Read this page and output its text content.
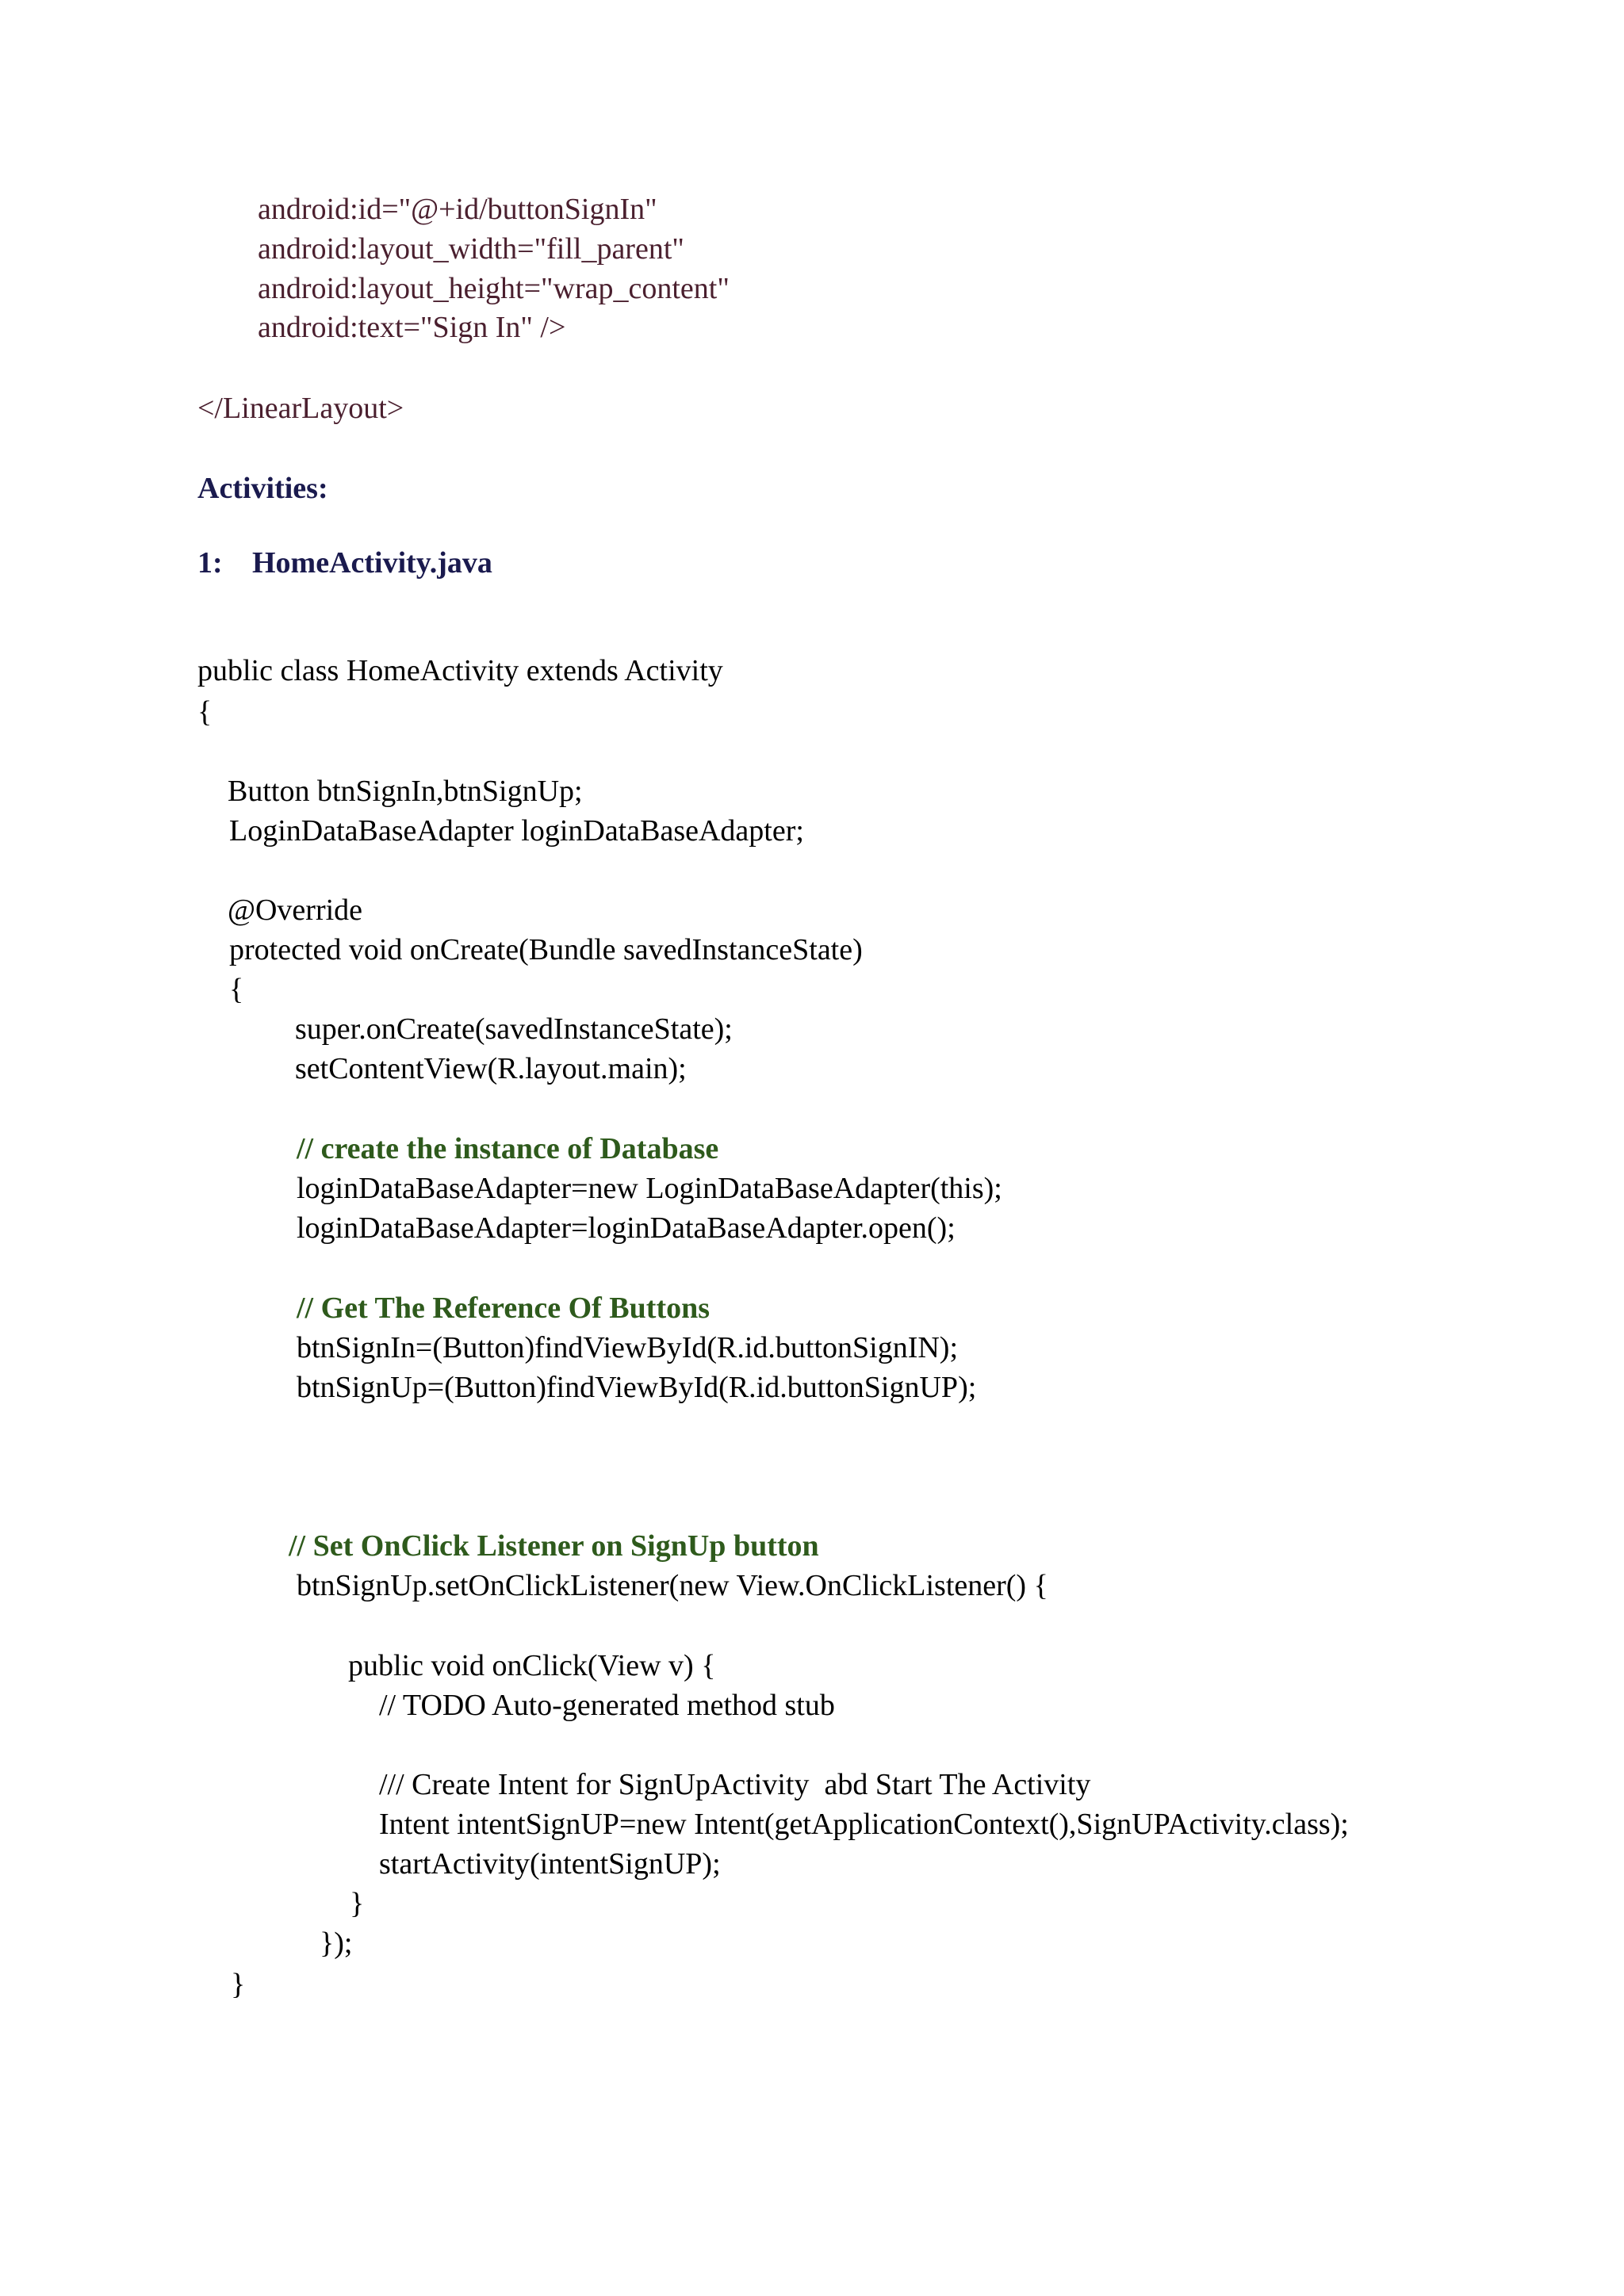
android:id="@+id/buttonSignIn"
android:layout_width="fill_parent"
android:layout_height="wrap_content"
android:text="Sign In" />
</LinearLayout>
Activities:
1: HomeActivity.java
public class HomeActivity extends Activity
{
Button btnSignIn,btnSignUp;
LoginDataBaseAdapter loginDataBaseAdapter;
@Override
protected void onCreate(Bundle savedInstanceState)
{
super.onCreate(savedInstanceState);
setContentView(R.layout.main);
// create the instance of Database
loginDataBaseAdapter=new LoginDataBaseAdapter(this);
loginDataBaseAdapter=loginDataBaseAdapter.open();
// Get The Reference Of Buttons
btnSignIn=(Button)findViewById(R.id.buttonSignIN);
btnSignUp=(Button)findViewById(R.id.buttonSignUP);
// Set OnClick Listener on SignUp button
btnSignUp.setOnClickListener(new View.OnClickListener() {
public void onClick(View v) {
// TODO Auto-generated method stub
/// Create Intent for SignUpActivity  abd Start The Activity
Intent intentSignUP=new Intent(getApplicationContext(),SignUPActivity.class);
startActivity(intentSignUP);
}
});
}
